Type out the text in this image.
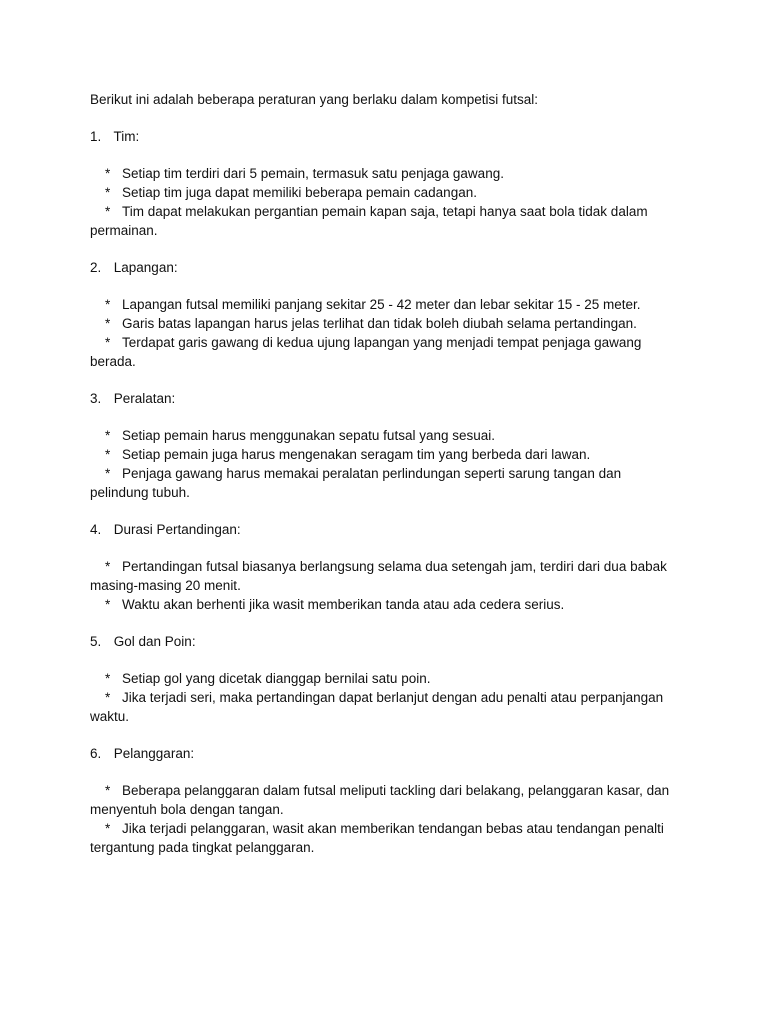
Berikut ini adalah beberapa peraturan yang berlaku dalam kompetisi futsal:

1. Tim:

* Setiap tim terdiri dari 5 pemain, termasuk satu penjaga gawang.

* Setiap tim juga dapat memiliki beberapa pemain cadangan.

* Tim dapat melakukan pergantian pemain kapan saja, tetapi hanya saat bola tidak dalam permainan.

2. Lapangan:

* Lapangan futsal memiliki panjang sekitar 25 - 42 meter dan lebar sekitar 15 - 25 meter.

* Garis batas lapangan harus jelas terlihat dan tidak boleh diubah selama pertandingan.

* Terdapat garis gawang di kedua ujung lapangan yang menjadi tempat penjaga gawang berada.

3. Peralatan:

* Setiap pemain harus menggunakan sepatu futsal yang sesuai.

* Setiap pemain juga harus mengenakan seragam tim yang berbeda dari lawan.

* Penjaga gawang harus memakai peralatan perlindungan seperti sarung tangan dan pelindung tubuh.

4. Durasi Pertandingan:

* Pertandingan futsal biasanya berlangsung selama dua setengah jam, terdiri dari dua babak masing-masing 20 menit.

* Waktu akan berhenti jika wasit memberikan tanda atau ada cedera serius.

5. Gol dan Poin:

* Setiap gol yang dicetak dianggap bernilai satu poin.

* Jika terjadi seri, maka pertandingan dapat berlanjut dengan adu penalti atau perpanjangan waktu.

6. Pelanggaran:

* Beberapa pelanggaran dalam futsal meliputi tackling dari belakang, pelanggaran kasar, dan menyentuh bola dengan tangan.

* Jika terjadi pelanggaran, wasit akan memberikan tendangan bebas atau tendangan penalti tergantung pada tingkat pelanggaran.
